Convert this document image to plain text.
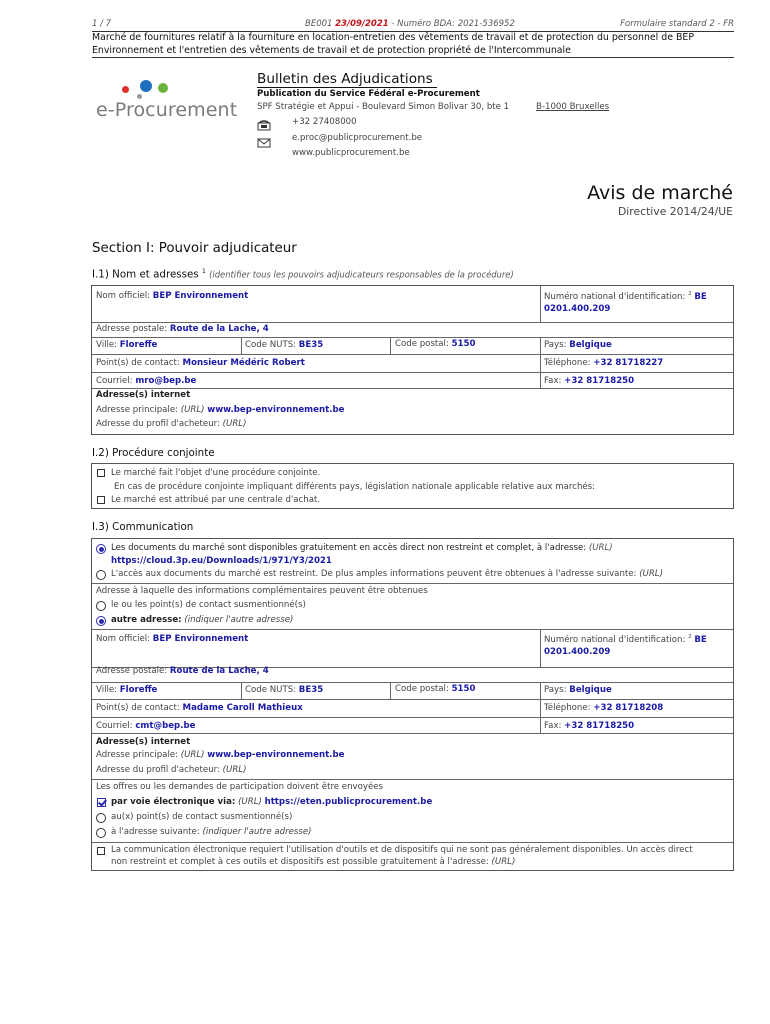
1 / 7	BE001 23/09/2021 - Numéro BDA: 2021-536952	Formulaire standard 2 - FR
Marché de fournitures relatif à la fourniture en location-entretien des vêtements de travail et de protection du personnel de BEP
Environnement et l'entretien des vêtements de travail et de protection propriété de l'Intercommunale
e-Procurement
Bulletin des Adjudications
Publication du Service Fédéral e-Procurement
SPF Stratégie et Appui - Boulevard Simon Bolivar 30, bte 1	B-1000 Bruxelles
+32 27408000
e.proc@publicprocurement.be
www.publicprocurement.be
Avis de marché
Directive 2014/24/UE
Section I: Pouvoir adjudicateur
I.1) Nom et adresses $^1$ (identifier tous les pouvoirs adjudicateurs responsables de la procédure)
Nom officiel: BEP Environnement	Numéro national d'identification: $^2$ BE
0201.400.209
Adresse postale: Route de la Lache, 4
Ville: Floreffe	Code NUTS: BE35	Code postal: 5150	Pays: Belgique
Point(s) de contact: Monsieur Médéric Robert	Téléphone: +32 81718227
Courriel: mro@bep.be	Fax: +32 81718250
Adresse(s) internet
Adresse principale: (URL) www.bep-environnement.be
Adresse du profil d'acheteur: (URL)
I.2) Procédure conjointe
Le marché fait l'objet d'une procédure conjointe.
En cas de procédure conjointe impliquant différents pays, législation nationale applicable relative aux marchés:
Le marché est attribué par une centrale d'achat.
I.3) Communication
Les documents du marché sont disponibles gratuitement en accès direct non restreint et complet, à l'adresse: (URL)
https://cloud.3p.eu/Downloads/1/971/Y3/2021
L'accès aux documents du marché est restreint. De plus amples informations peuvent être obtenues à l'adresse suivante: (URL)
Adresse à laquelle des informations complémentaires peuvent être obtenues
le ou les point(s) de contact susmentionné(s)
autre adresse: (indiquer l'autre adresse)
Nom officiel: BEP Environnement	Numéro national d'identification: $^2$ BE
0201.400.209
Adresse postale: Route de la Lache, 4
Ville: Floreffe	Code NUTS: BE35	Code postal: 5150	Pays: Belgique
Point(s) de contact: Madame Caroll Mathieux	Téléphone: +32 81718208
Courriel: cmt@bep.be	Fax: +32 81718250
Adresse(s) internet
Adresse principale: (URL) www.bep-environnement.be
Adresse du profil d'acheteur: (URL)
Les offres ou les demandes de participation doivent être envoyées
par voie électronique via: (URL) https://eten.publicprocurement.be
au(x) point(s) de contact susmentionné(s)
à l'adresse suivante: (indiquer l'autre adresse)
La communication électronique requiert l'utilisation d'outils et de dispositifs qui ne sont pas généralement disponibles. Un accès direct
non restreint et complet à ces outils et dispositifs est possible gratuitement à l'adresse: (URL)
